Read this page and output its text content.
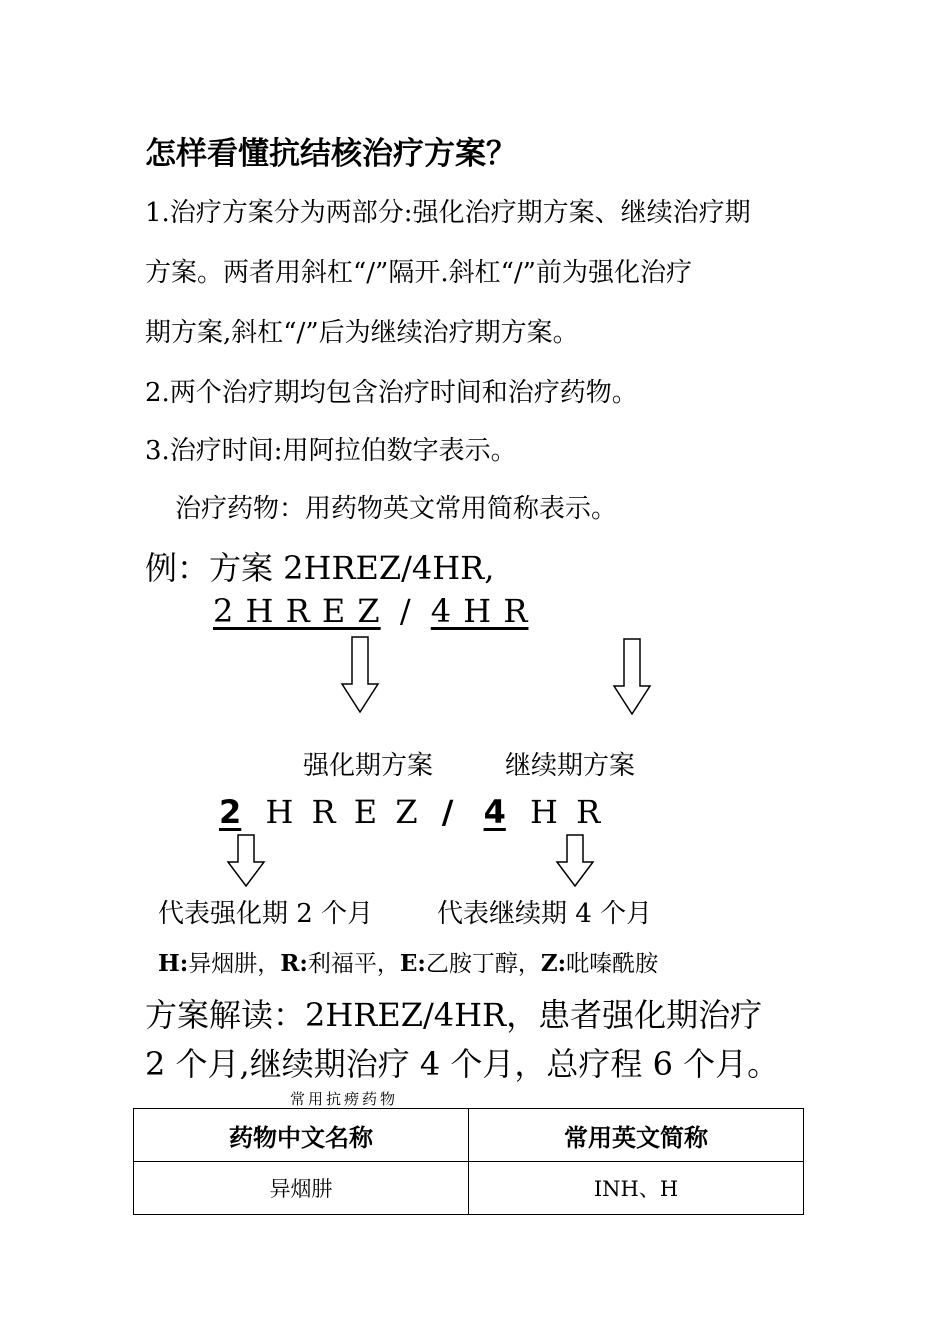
怎样看懂抗结核治疗方案？
1.治疗方案分为两部分:强化治疗期方案、继续治疗期
方案。两者用斜杠“/”隔开.斜杠“/”前为强化治疗
期方案,斜杠“/”后为继续治疗期方案。
2.两个治疗期均包含治疗时间和治疗药物。
3.治疗时间:用阿拉伯数字表示。
治疗药物：用药物英文常用简称表示。
例：方案 2HREZ/4HR,
2 H R E Z / 4 H R
强化期方案	继续期方案
2 H R E Z / 4 H R
代表强化期 2 个月 代表继续期 4 个月
H:异烟肼，R:利福平，E:乙胺丁醇，Z:吡嗪酰胺
方案解读：2HREZ/4HR，患者强化期治疗
2 个月,继续期治疗 4 个月，总疗程 6 个月。
常用抗痨药物
药物中文名称	常用英文简称
异烟肼	INH、H
